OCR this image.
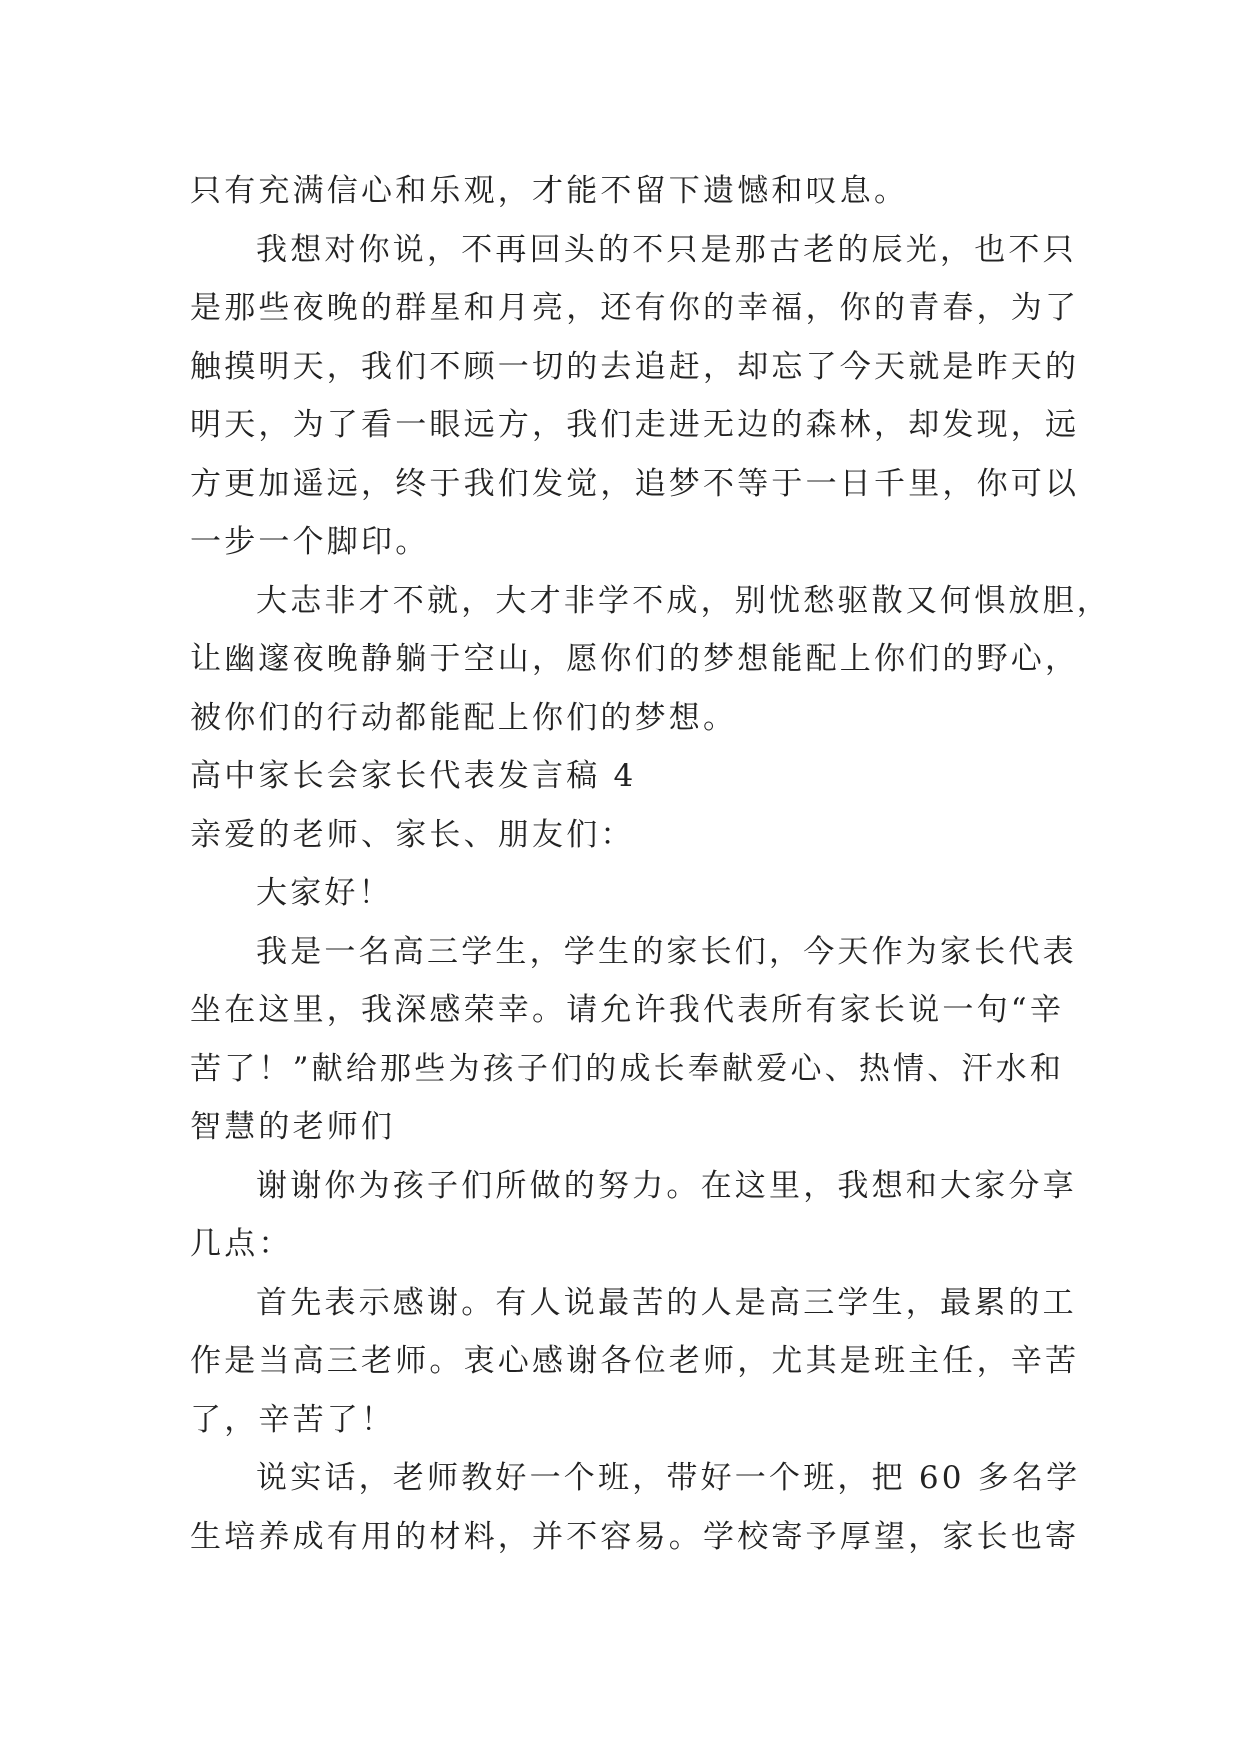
只有充满信心和乐观，才能不留下遗憾和叹息。
我想对你说，不再回头的不只是那古老的辰光，也不只
是那些夜晚的群星和月亮，还有你的幸福，你的青春，为了
触摸明天，我们不顾一切的去追赶，却忘了今天就是昨天的
明天，为了看一眼远方，我们走进无边的森林，却发现，远
方更加遥远，终于我们发觉，追梦不等于一日千里，你可以
一步一个脚印。
大志非才不就，大才非学不成，别忧愁驱散又何惧放胆，
让幽邃夜晚静躺于空山，愿你们的梦想能配上你们的野心，
被你们的行动都能配上你们的梦想。
高中家长会家长代表发言稿 4
亲爱的老师、家长、朋友们：
大家好！
我是一名高三学生，学生的家长们，今天作为家长代表
坐在这里，我深感荣幸。请允许我代表所有家长说一句“辛
苦了！”献给那些为孩子们的成长奉献爱心、热情、汗水和
智慧的老师们
谢谢你为孩子们所做的努力。在这里，我想和大家分享
几点：
首先表示感谢。有人说最苦的人是高三学生，最累的工
作是当高三老师。衷心感谢各位老师，尤其是班主任，辛苦
了，辛苦了！
说实话，老师教好一个班，带好一个班，把 60 多名学
生培养成有用的材料，并不容易。学校寄予厚望，家长也寄
